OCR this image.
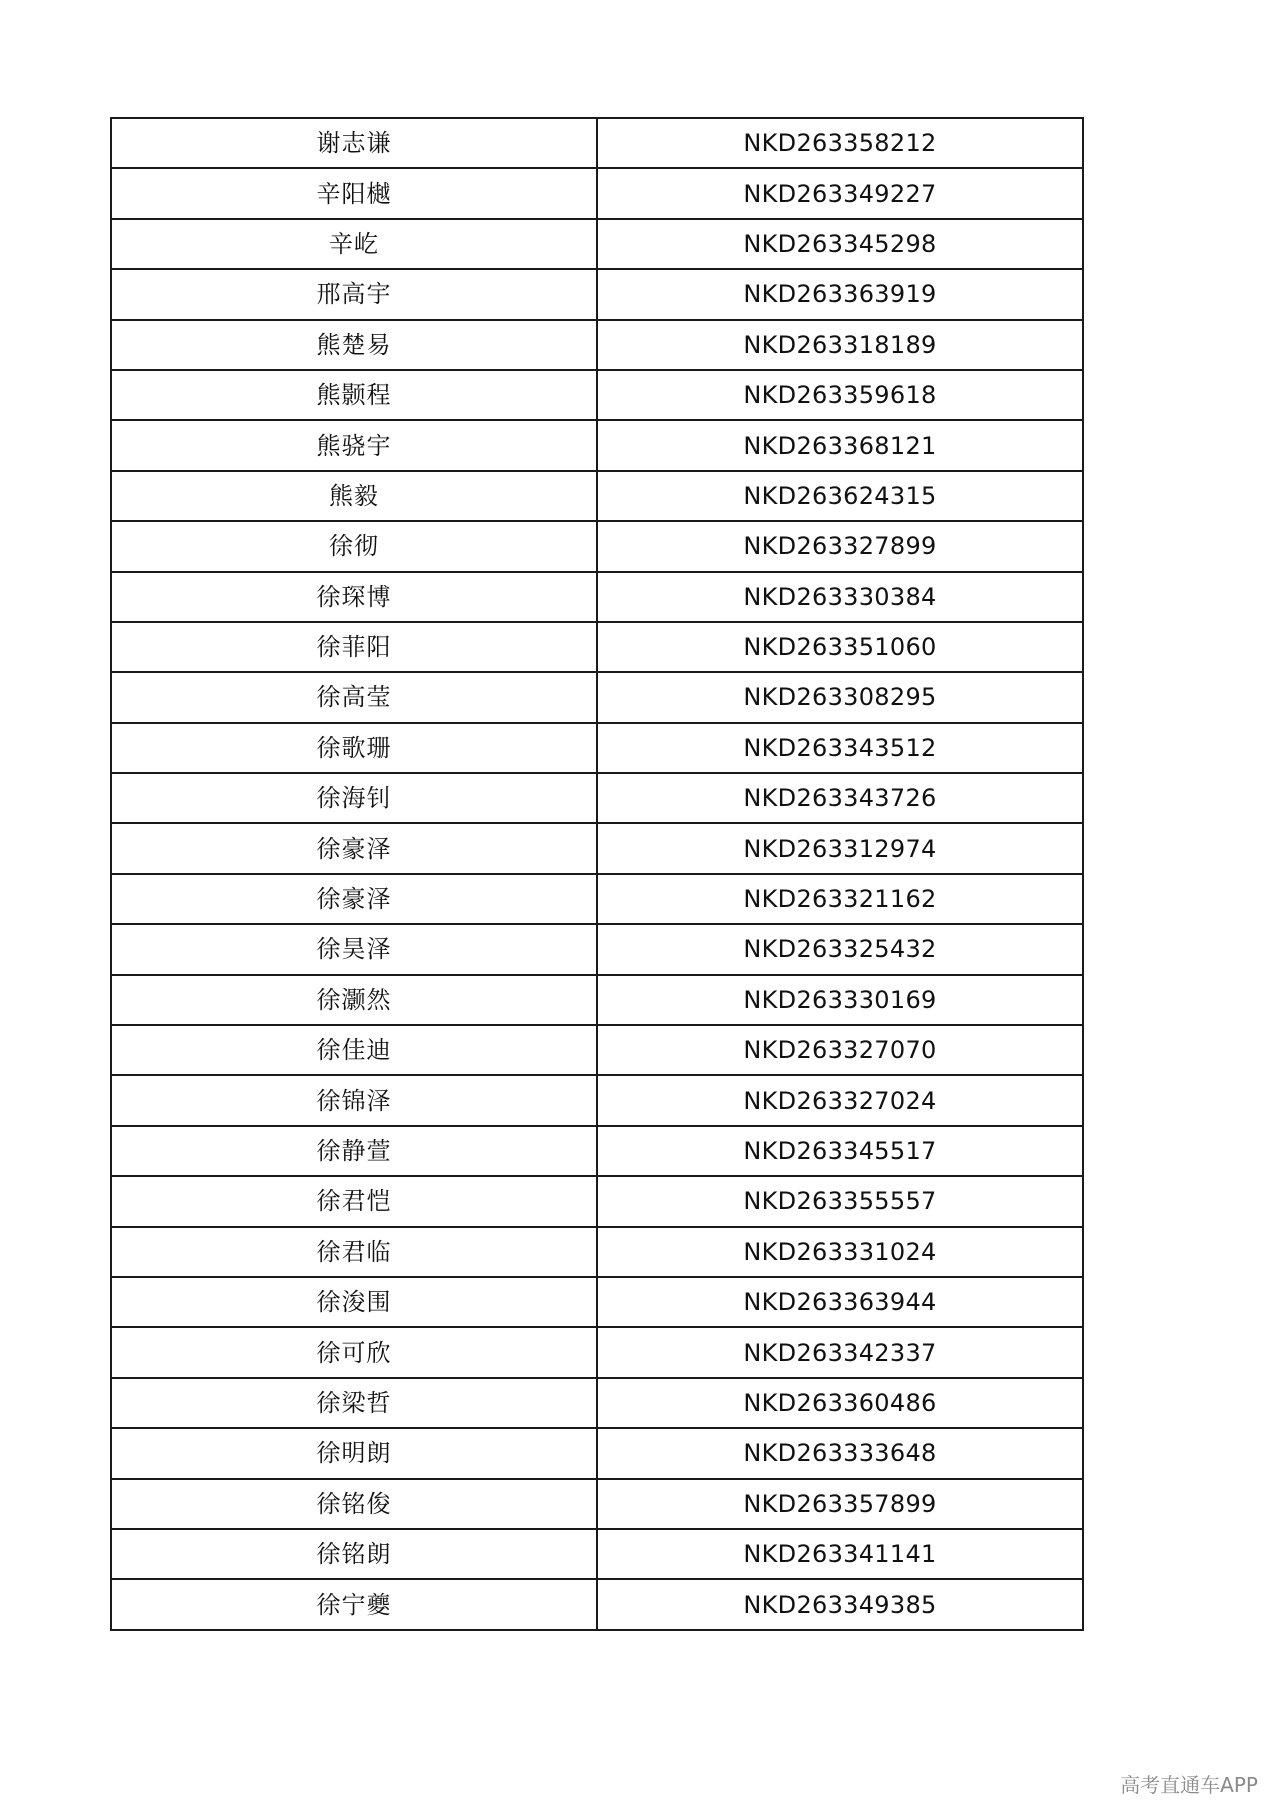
谢志谦	NKD263358212
辛阳樾	NKD263349227
辛屹	NKD263345298
邢高宇	NKD263363919
熊楚易	NKD263318189
熊颢程	NKD263359618
熊骁宇	NKD263368121
熊毅	NKD263624315
徐彻	NKD263327899
徐琛博	NKD263330384
徐菲阳	NKD263351060
徐高莹	NKD263308295
徐歌珊	NKD263343512
徐海钊	NKD263343726
徐豪泽	NKD263312974
徐豪泽	NKD263321162
徐昊泽	NKD263325432
徐灏然	NKD263330169
徐佳迪	NKD263327070
徐锦泽	NKD263327024
徐静萱	NKD263345517
徐君恺	NKD263355557
徐君临	NKD263331024
徐浚围	NKD263363944
徐可欣	NKD263342337
徐梁哲	NKD263360486
徐明朗	NKD263333648
徐铭俊	NKD263357899
徐铭朗	NKD263341141
徐宁夔	NKD263349385
高考直通车APP
